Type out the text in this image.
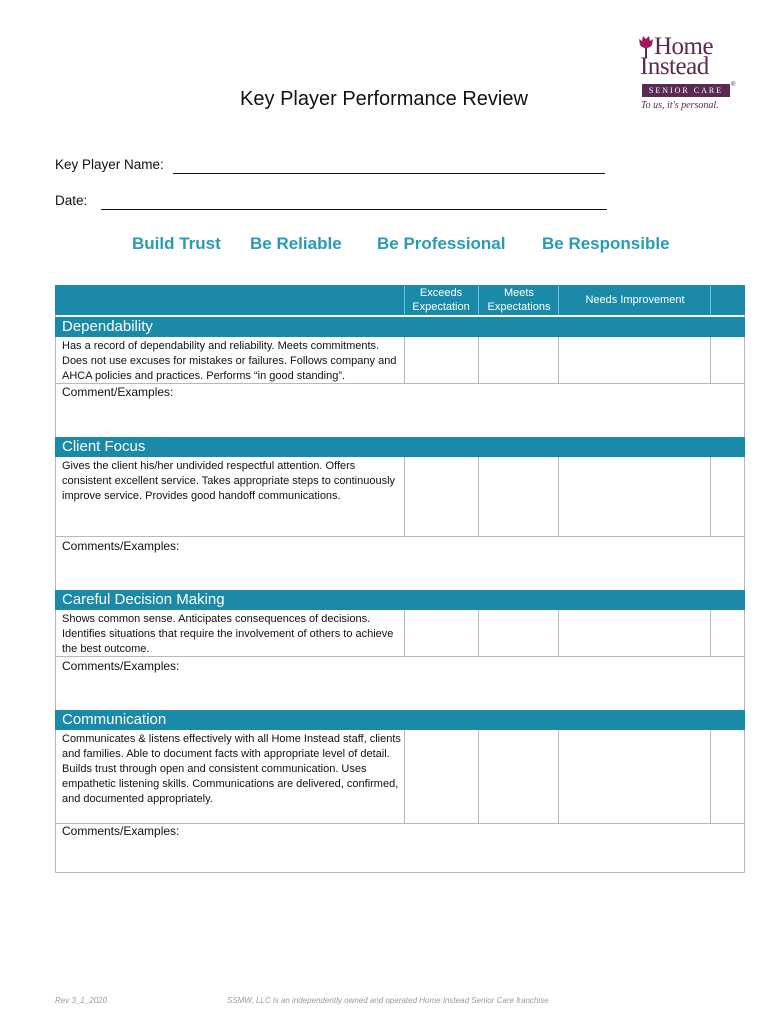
Home
Instead
SENIOR CARE
®
To us, it's personal.
Key Player Performance Review
Key Player Name:
Date:
Build Trust Be Reliable Be Professional Be Responsible
Exceeds Expectation
Meets Expectations
Needs Improvement
Dependability
Has a record of dependability and reliability. Meets commitments. Does not use excuses for mistakes or failures. Follows company and AHCA policies and practices. Performs “in good standing”.
Comment/Examples:
Client Focus
Gives the client his/her undivided respectful attention. Offers consistent excellent service. Takes appropriate steps to continuously improve service. Provides good handoff communications.
Comments/Examples:
Careful Decision Making
Shows common sense. Anticipates consequences of decisions. Identifies situations that require the involvement of others to achieve the best outcome.
Comments/Examples:
Communication
Communicates & listens effectively with all Home Instead staff, clients and families. Able to document facts with appropriate level of detail. Builds trust through open and consistent communication. Uses empathetic listening skills. Communications are delivered, confirmed, and documented appropriately.
Comments/Examples:
Rev 3_1_2020	SSMW, LLC is an independently owned and operated Home Instead Senior Care franchise
